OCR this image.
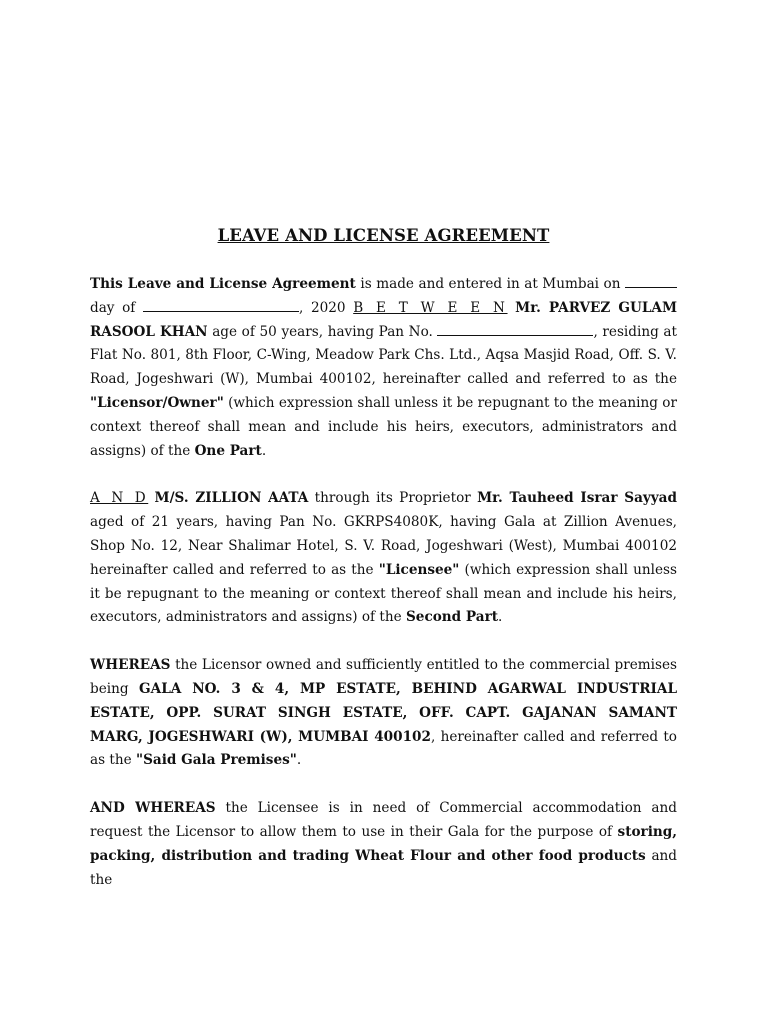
LEAVE AND LICENSE AGREEMENT

This Leave and License Agreement is made and entered in at Mumbai on  day of	, 2020 B E T W E E N Mr. PARVEZ GULAM RASOOL KHAN age of 50 years, having Pan No.	, residing at Flat No. 801, 8th Floor, C-Wing, Meadow Park Chs. Ltd., Aqsa Masjid Road, Off. S. V. Road, Jogeshwari (W), Mumbai 400102, hereinafter called and referred to as the "Licensor/Owner" (which expression shall unless it be repugnant to the meaning or context thereof shall mean and include his heirs, executors, administrators and assigns) of the One Part.

A N D M/S. ZILLION AATA through its Proprietor Mr. Tauheed Israr Sayyad aged of 21 years, having Pan No. GKRPS4080K, having Gala at Zillion Avenues, Shop No. 12, Near Shalimar Hotel, S. V. Road, Jogeshwari (West), Mumbai 400102 hereinafter called and referred to as the "Licensee" (which expression shall unless it be repugnant to the meaning or context thereof shall mean and include his heirs, executors, administrators and assigns) of the Second Part.

WHEREAS the Licensor owned and sufficiently entitled to the commercial premises being GALA NO. 3 & 4, MP ESTATE, BEHIND AGARWAL INDUSTRIAL ESTATE, OPP. SURAT SINGH ESTATE, OFF. CAPT. GAJANAN SAMANT MARG, JOGESHWARI (W), MUMBAI 400102, hereinafter called and referred to as the "Said Gala Premises".

AND WHEREAS the Licensee is in need of Commercial accommodation and request the Licensor to allow them to use in their Gala for the purpose of storing, packing, distribution and trading Wheat Flour and other food products and the
